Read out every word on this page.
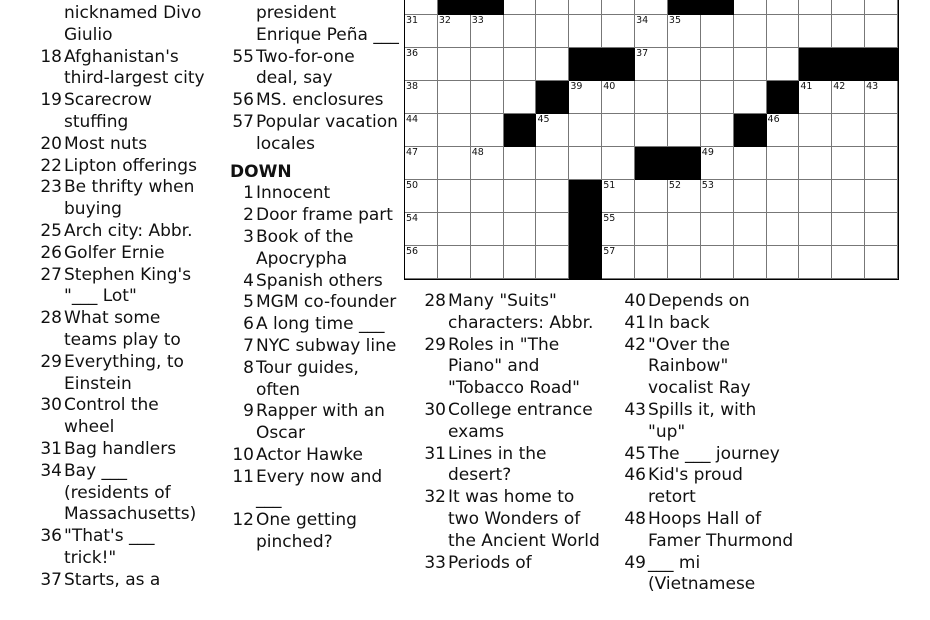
nicknamed Divo Giulio
18 Afghanistan's third-largest city
19 Scarecrow stuffing
20 Most nuts
22 Lipton offerings
23 Be thrifty when buying
25 Arch city: Abbr.
26 Golfer Ernie
27 Stephen King's "___ Lot"
28 What some teams play to
29 Everything, to Einstein
30 Control the wheel
31 Bag handlers
34 Bay ___ (residents of Massachusetts)
36 "That's ___ trick!"
37 Starts, as a
president Enrique Peña ___
55 Two-for-one deal, say
56 MS. enclosures
57 Popular vacation locales
DOWN
1 Innocent
2 Door frame part
3 Book of the Apocrypha
4 Spanish others
5 MGM co-founder
6 A long time ___
7 NYC subway line
8 Tour guides, often
9 Rapper with an Oscar
10 Actor Hawke
11 Every now and ___
12 One getting pinched?
31 32 33	34 35
36	37
38	39 40	41 42 43
44	45	46
47	48	49
50	51	52 53
54	55
56	57
28 Many "Suits" characters: Abbr.
29 Roles in "The Piano" and "Tobacco Road"
30 College entrance exams
31 Lines in the desert?
32 It was home to two Wonders of the Ancient World
33 Periods of
40 Depends on
41 In back
42 "Over the Rainbow" vocalist Ray
43 Spills it, with "up"
45 The ___ journey
46 Kid's proud retort
48 Hoops Hall of Famer Thurmond
49 ___ mi (Vietnamese
